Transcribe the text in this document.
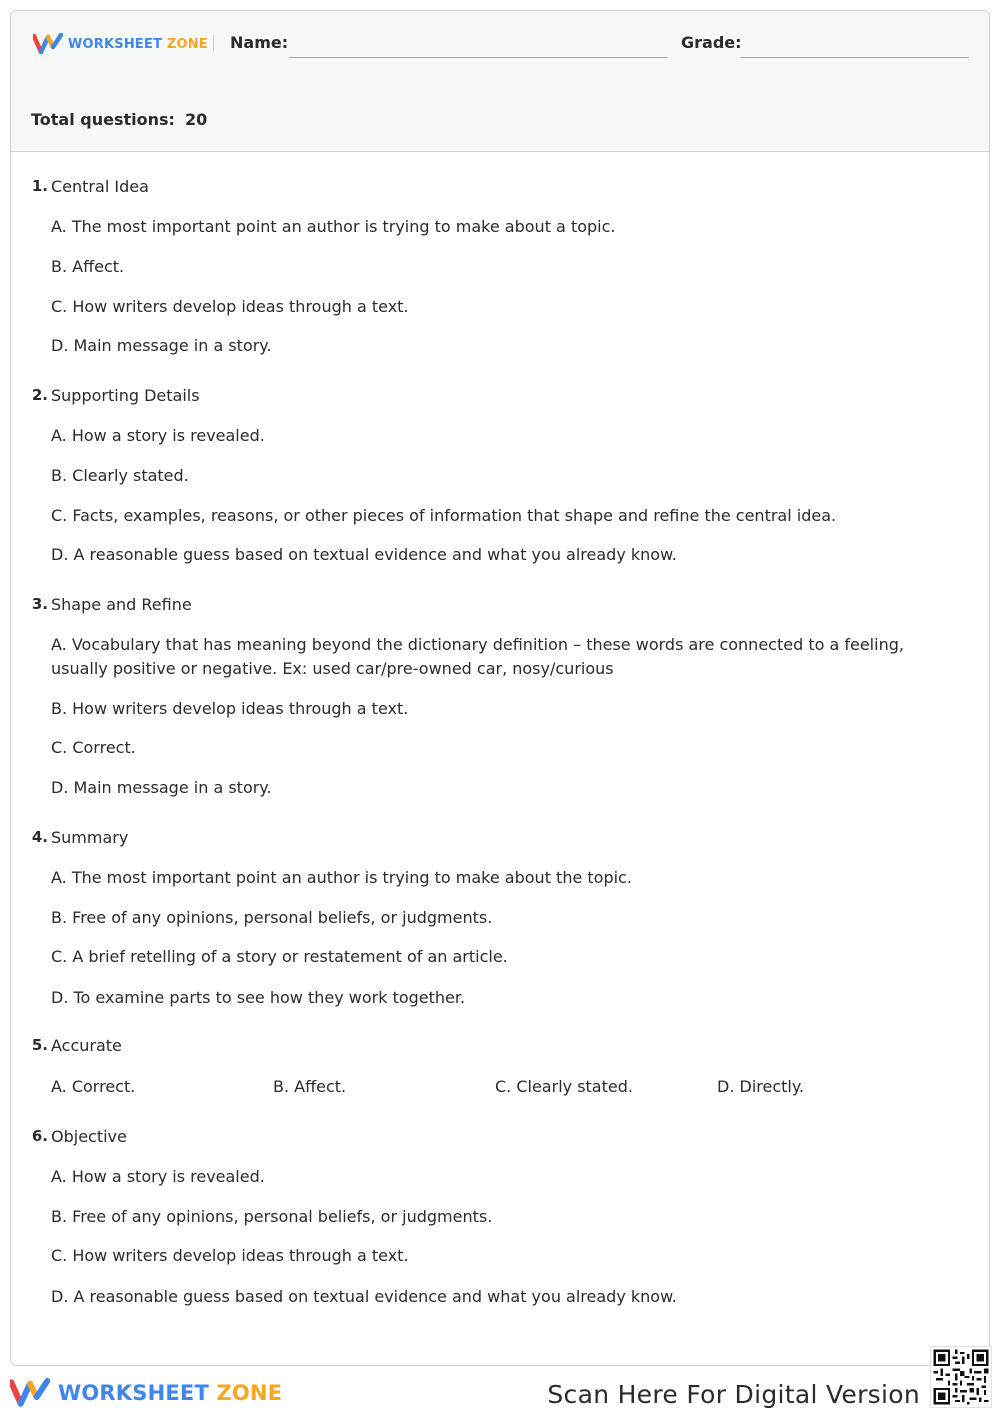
WORKSHEET ZONE Name:	Grade:
Total questions: 20
1. Central Idea
A. The most important point an author is trying to make about a topic.
B. Affect.
C. How writers develop ideas through a text.
D. Main message in a story.
2. Supporting Details
A. How a story is revealed.
B. Clearly stated.
C. Facts, examples, reasons, or other pieces of information that shape and refine the central idea.
D. A reasonable guess based on textual evidence and what you already know.
3. Shape and Refine
A. Vocabulary that has meaning beyond the dictionary definition – these words are connected to a feeling, usually positive or negative. Ex: used car/pre-owned car, nosy/curious
B. How writers develop ideas through a text.
C. Correct.
D. Main message in a story.
4. Summary
A. The most important point an author is trying to make about the topic.
B. Free of any opinions, personal beliefs, or judgments.
C. A brief retelling of a story or restatement of an article.
D. To examine parts to see how they work together.
5. Accurate
A. Correct.	B. Affect.	C. Clearly stated.	D. Directly.
6. Objective
A. How a story is revealed.
B. Free of any opinions, personal beliefs, or judgments.
C. How writers develop ideas through a text.
D. A reasonable guess based on textual evidence and what you already know.
WORKSHEET ZONE	Scan Here For Digital Version
